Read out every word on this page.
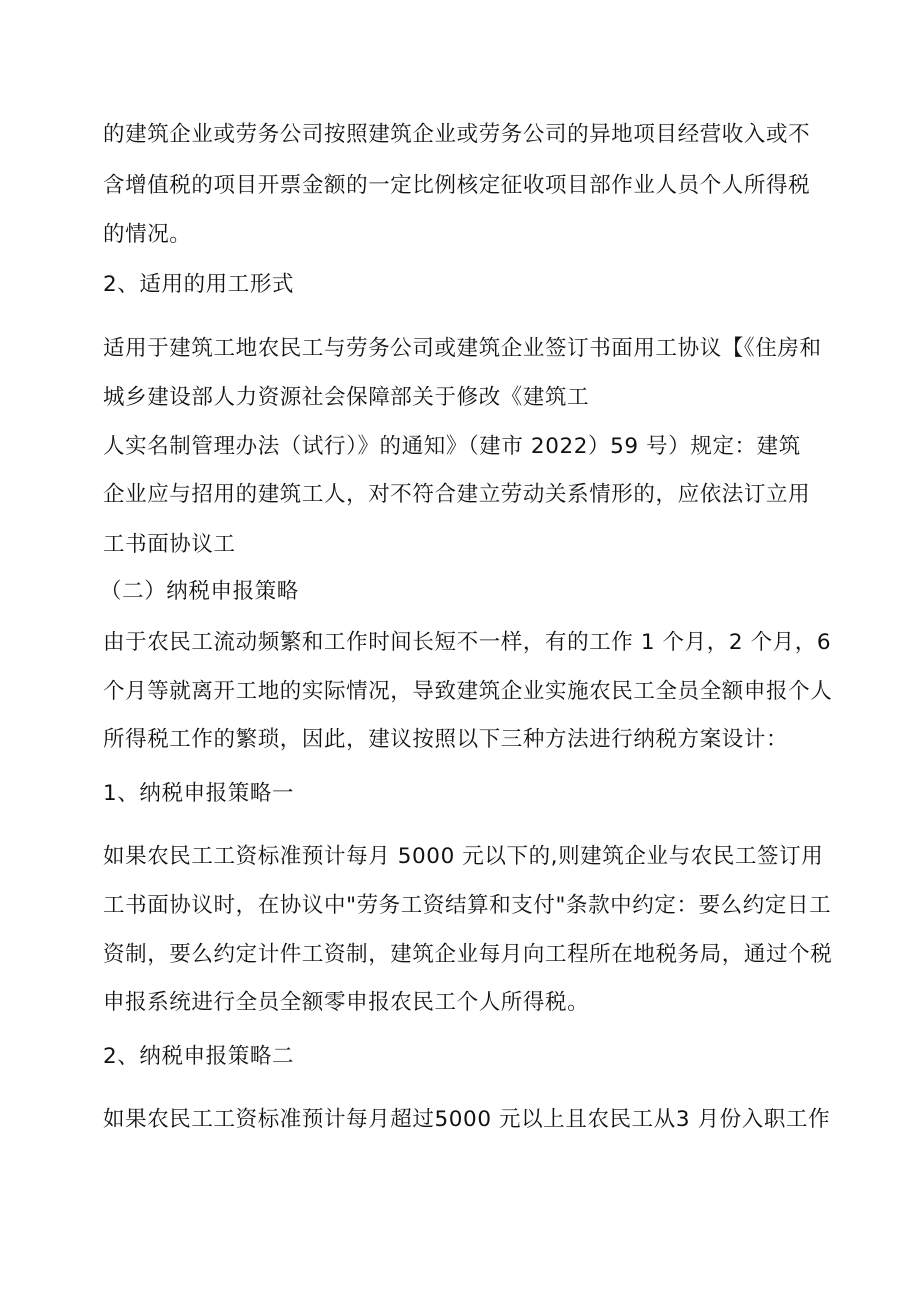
的建筑企业或劳务公司按照建筑企业或劳务公司的异地项目经营收入或不
含增值税的项目开票金额的一定比例核定征收项目部作业人员个人所得税
的情况。
2、适用的用工形式
适用于建筑工地农民工与劳务公司或建筑企业签订书面用工协议【《住房和
城乡建设部人力资源社会保障部关于修改《建筑工
人实名制管理办法（试行）》的通知》（建市 2022）59 号）规定：建筑
企业应与招用的建筑工人，对不符合建立劳动关系情形的，应依法订立用
工书面协议工
（二）纳税申报策略
由于农民工流动频繁和工作时间长短不一样，有的工作 1 个月，2 个月，6
个月等就离开工地的实际情况，导致建筑企业实施农民工全员全额申报个人
所得税工作的繁琐，因此，建议按照以下三种方法进行纳税方案设计：
1、纳税申报策略一
如果农民工工资标准预计每月 5000 元以下的,则建筑企业与农民工签订用
工书面协议时，在协议中"劳务工资结算和支付"条款中约定：要么约定日工
资制，要么约定计件工资制，建筑企业每月向工程所在地税务局，通过个税
申报系统进行全员全额零申报农民工个人所得税。
2、纳税申报策略二
如果农民工工资标准预计每月超过5000 元以上且农民工从3 月份入职工作
